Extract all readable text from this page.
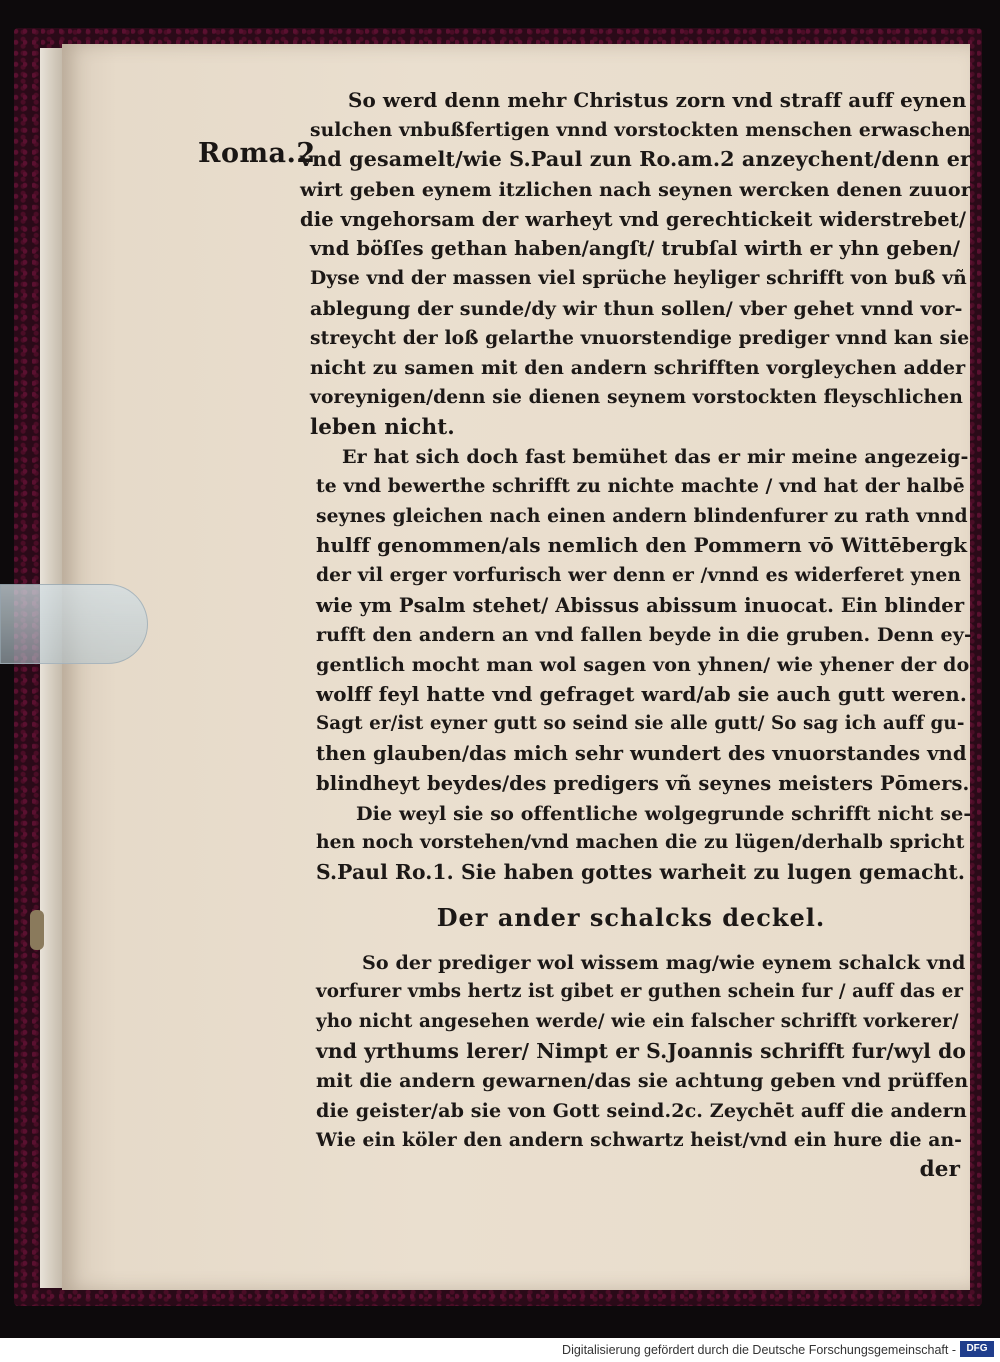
Roma.2
So werd denn mehr Christus zorn vnd straff auff eynen
sulchen vnbußfertigen vnnd vorstockten menschen erwaschen
vnd gesamelt/wie S.Paul zun Ro.am.2 anzeychent/denn er
wirt geben eynem itzlichen nach seynen wercken denen zuuor
die vngehorsam der warheyt vnd gerechtickeit widerstrebet/
vnd böſſes gethan haben/angſt/ trubſal wirth er yhn geben/
Dyse vnd der massen viel sprüche heyliger schrifft von buß vñ
ablegung der sunde/dy wir thun sollen/ vber gehet vnnd vor-
streycht der loß gelarthe vnuorstendige prediger vnnd kan sie
nicht zu samen mit den andern schrifften vorgleychen adder
voreynigen/denn sie dienen seynem vorstockten fleyschlichen
leben nicht.
Er hat sich doch fast bemühet das er mir meine angezeig-
te vnd bewerthe schrifft zu nichte machte / vnd hat der halbē
seynes gleichen nach einen andern blindenfurer zu rath vnnd
hulff genommen/als nemlich den Pommern vō Wittēbergk
der vil erger vorfurisch wer denn er /vnnd es widerferet ynen
wie ym Psalm stehet/ Abissus abissum inuocat. Ein blinder
rufft den andern an vnd fallen beyde in die gruben. Denn ey-
gentlich mocht man wol sagen von yhnen/ wie yhener der do
wolff feyl hatte vnd gefraget ward/ab sie auch gutt weren.
Sagt er/ist eyner gutt so seind sie alle gutt/ So sag ich auff gu-
then glauben/das mich sehr wundert des vnuorstandes vnd
blindheyt beydes/des predigers vñ seynes meisters Pōmers.
Die weyl sie so offentliche wolgegrunde schrifft nicht se-
hen noch vorstehen/vnd machen die zu lügen/derhalb spricht
S.Paul Ro.1. Sie haben gottes warheit zu lugen gemacht.
Der ander schalcks deckel.
So der prediger wol wissem mag/wie eynem schalck vnd
vorfurer vmbs hertz ist gibet er guthen schein fur / auff das er
yho nicht angesehen werde/ wie ein falscher schrifft vorkerer/
vnd yrthums lerer/ Nimpt er S.Joannis schrifft fur/wyl do
mit die andern gewarnen/das sie achtung geben vnd prüffen
die geister/ab sie von Gott seind.2c. Zeychēt auff die andern
Wie ein köler den andern schwartz heist/vnd ein hure die an-
der
Digitalisierung gefördert durch die Deutsche Forschungsgemeinschaft -	DFG
